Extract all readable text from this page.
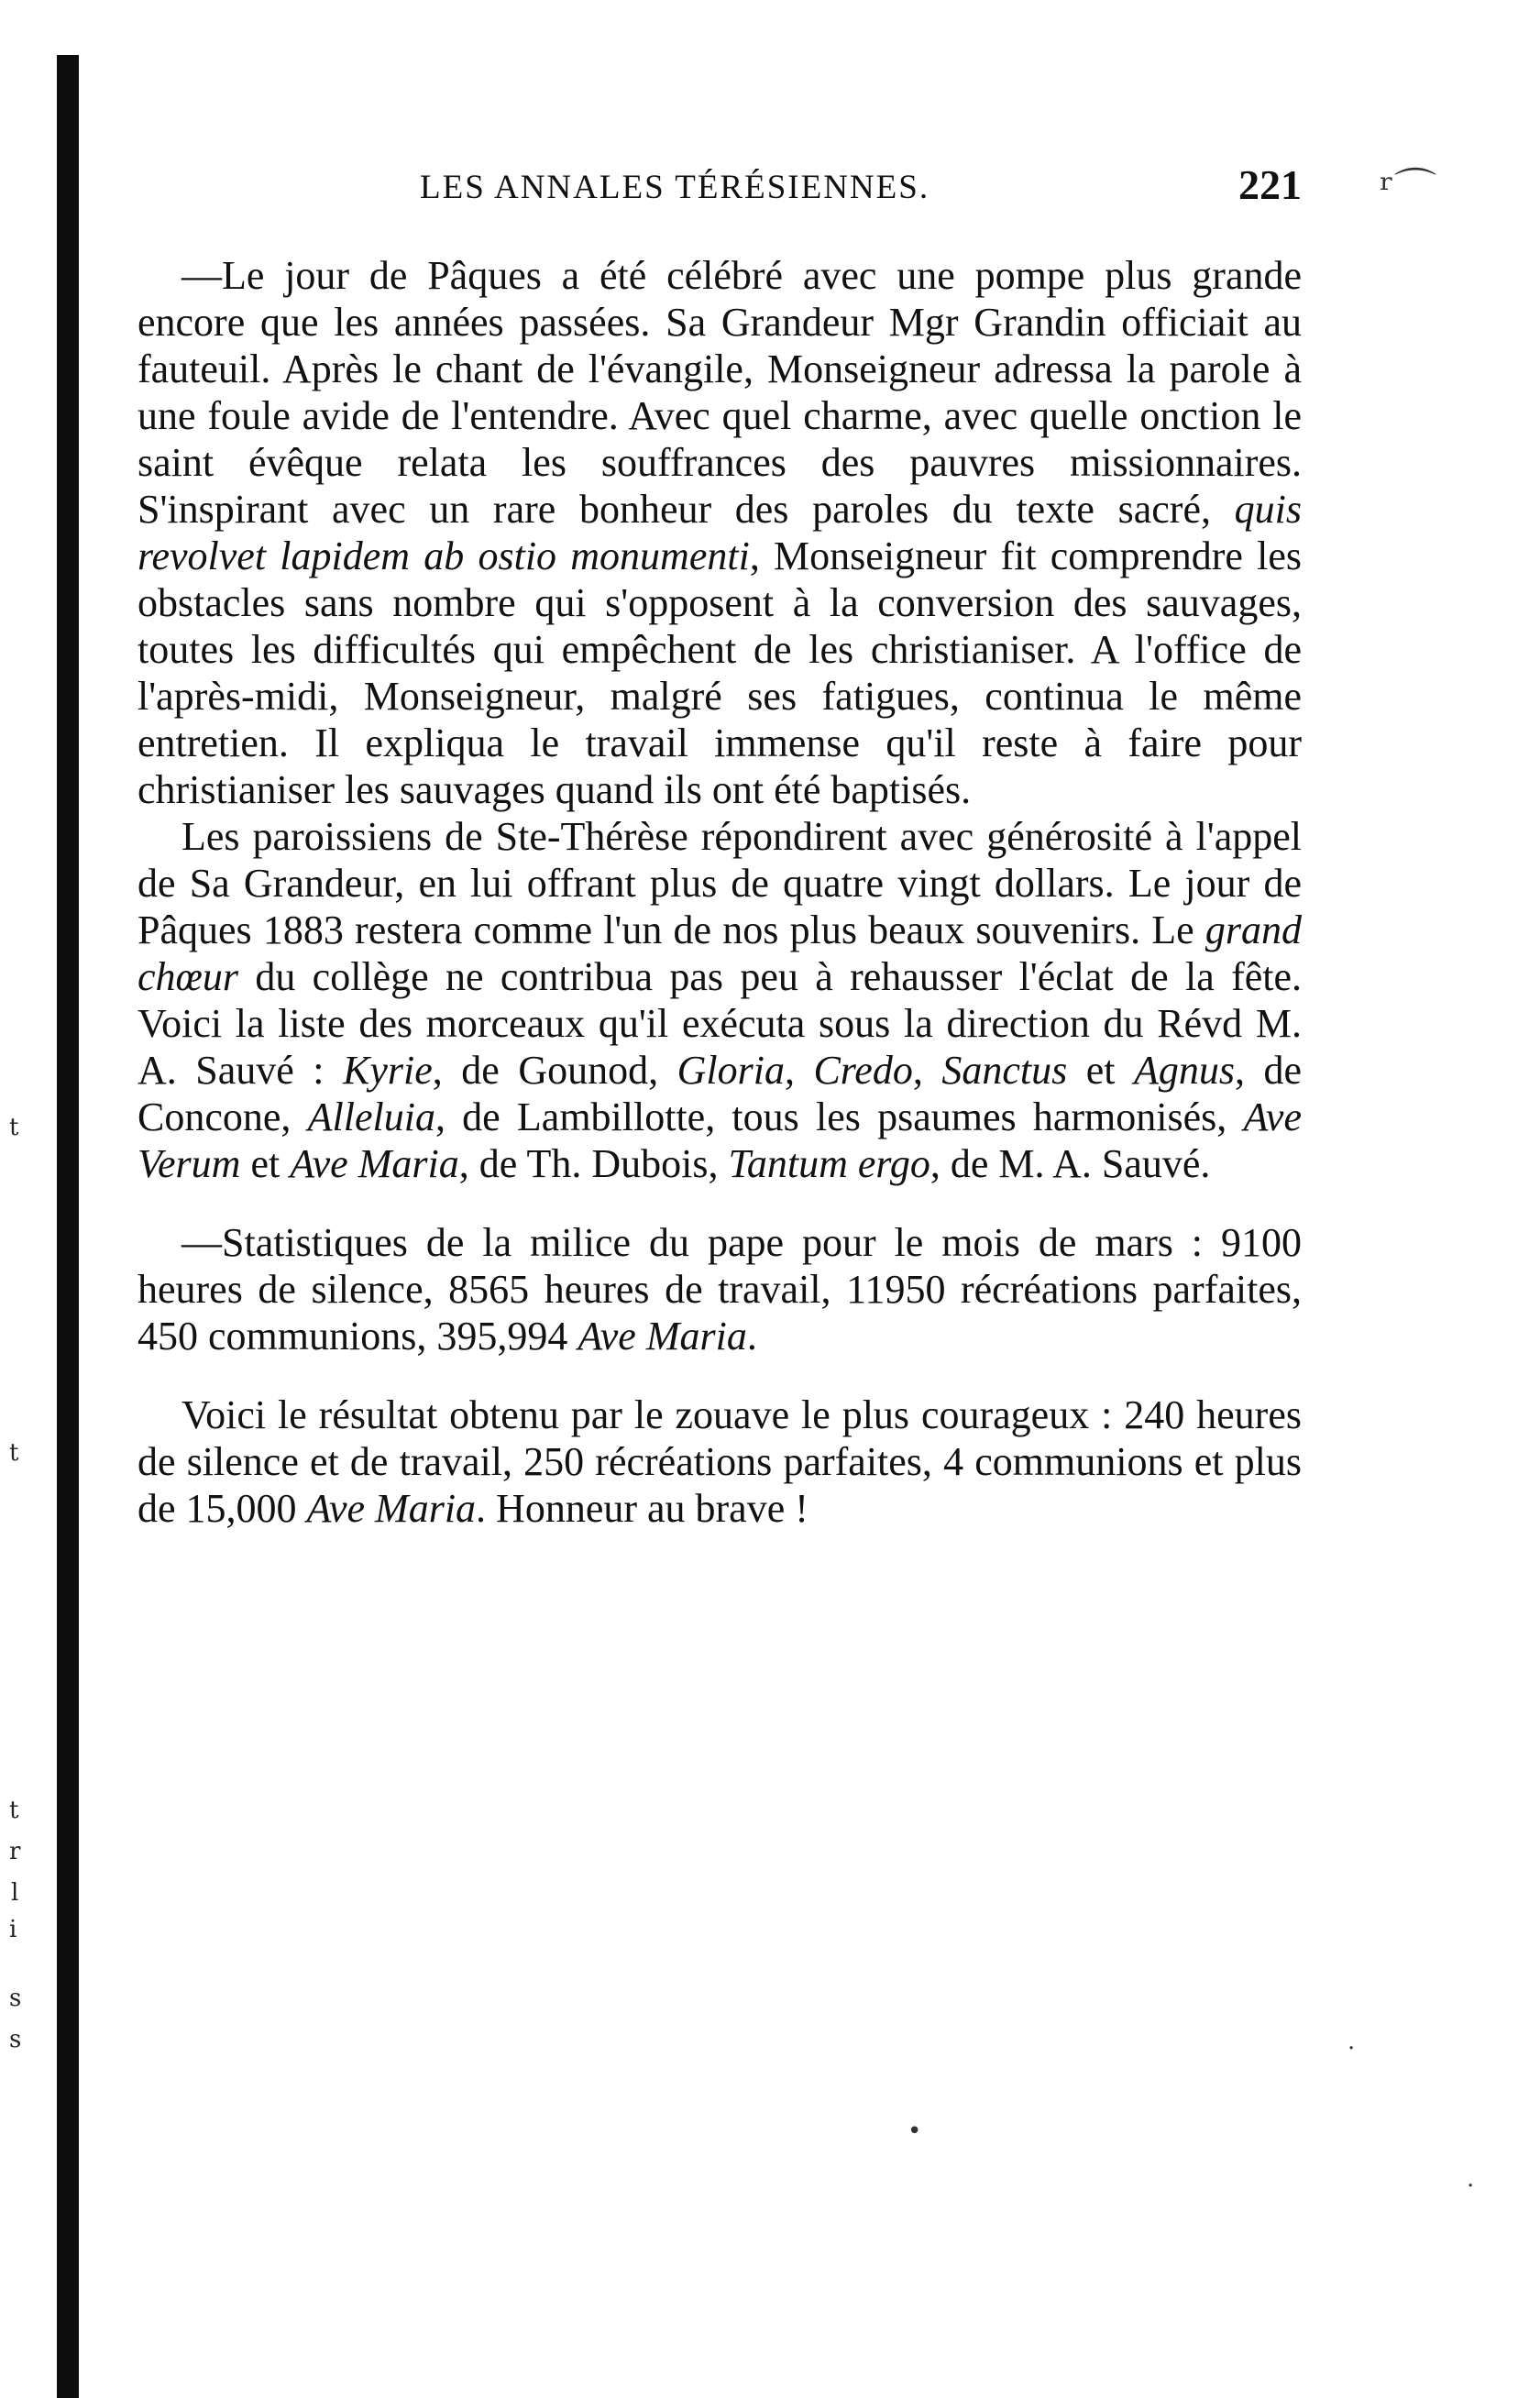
t
t
t
r
l
i
s
s
LES ANNALES TÉRÉSIENNES.	221 ʳ⌒

—Le jour de Pâques a été célébré avec une pompe plus grande encore que les années passées. Sa Grandeur Mgr Grandin officiait au fauteuil. Après le chant de l'évangile, Monseigneur adressa la parole à une foule avide de l'entendre. Avec quel charme, avec quelle onction le saint évêque relata les souffrances des pauvres missionnaires. S'inspirant avec un rare bonheur des paroles du texte sacré, quis revolvet lapidem ab ostio monumenti, Monseigneur fit comprendre les obstacles sans nombre qui s'opposent à la conversion des sauvages, toutes les difficultés qui empêchent de les christianiser. A l'office de l'après-midi, Monseigneur, malgré ses fatigues, continua le même entretien. Il expliqua le travail immense qu'il reste à faire pour christianiser les sauvages quand ils ont été baptisés.

Les paroissiens de Ste-Thérèse répondirent avec générosité à l'appel de Sa Grandeur, en lui offrant plus de quatre vingt dollars. Le jour de Pâques 1883 restera comme l'un de nos plus beaux souvenirs. Le grand chœur du collège ne contribua pas peu à rehausser l'éclat de la fête. Voici la liste des morceaux qu'il exécuta sous la direction du Révd M. A. Sauvé : Kyrie, de Gounod, Gloria, Credo, Sanctus et Agnus, de Concone, Alleluia, de Lambillotte, tous les psaumes harmonisés, Ave Verum et Ave Maria, de Th. Dubois, Tantum ergo, de M. A. Sauvé.

—Statistiques de la milice du pape pour le mois de mars : 9100 heures de silence, 8565 heures de travail, 11950 récréations parfaites, 450 communions, 395,994 Ave Maria.

Voici le résultat obtenu par le zouave le plus courageux : 240 heures de silence et de travail, 250 récréations parfaites, 4 communions et plus de 15,000 Ave Maria. Honneur au brave !

·
·
•
